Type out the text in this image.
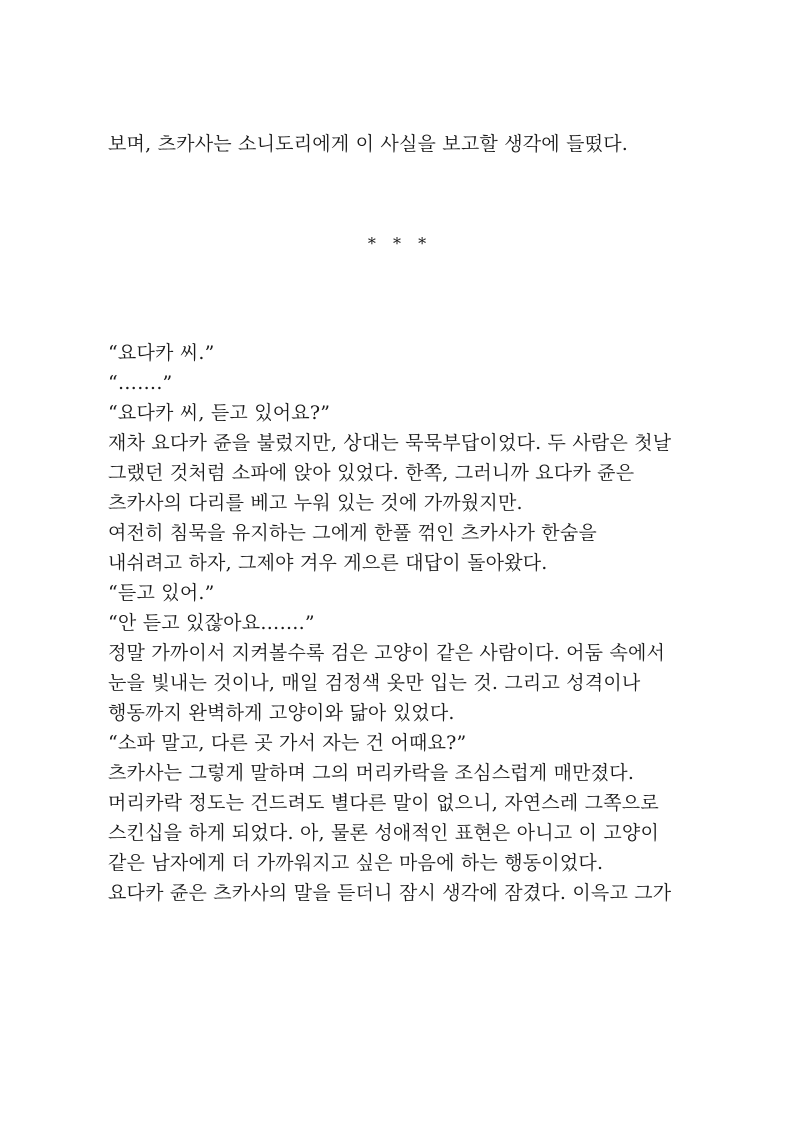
보며, 츠카사는 소니도리에게 이 사실을 보고할 생각에 들떴다.
* * *
“요다카 씨.”
“…….”
“요다카 씨, 듣고 있어요?”
재차 요다카 쥰을 불렀지만, 상대는 묵묵부답이었다. 두 사람은 첫날
그랬던 것처럼 소파에 앉아 있었다. 한쪽, 그러니까 요다카 쥰은
츠카사의 다리를 베고 누워 있는 것에 가까웠지만.
여전히 침묵을 유지하는 그에게 한풀 꺾인 츠카사가 한숨을
내쉬려고 하자, 그제야 겨우 게으른 대답이 돌아왔다.
“듣고 있어.”
“안 듣고 있잖아요…….”
정말 가까이서 지켜볼수록 검은 고양이 같은 사람이다. 어둠 속에서
눈을 빛내는 것이나, 매일 검정색 옷만 입는 것. 그리고 성격이나
행동까지 완벽하게 고양이와 닮아 있었다.
“소파 말고, 다른 곳 가서 자는 건 어때요?”
츠카사는 그렇게 말하며 그의 머리카락을 조심스럽게 매만졌다.
머리카락 정도는 건드려도 별다른 말이 없으니, 자연스레 그쪽으로
스킨십을 하게 되었다. 아, 물론 성애적인 표현은 아니고 이 고양이
같은 남자에게 더 가까워지고 싶은 마음에 하는 행동이었다.
요다카 쥰은 츠카사의 말을 듣더니 잠시 생각에 잠겼다. 이윽고 그가
